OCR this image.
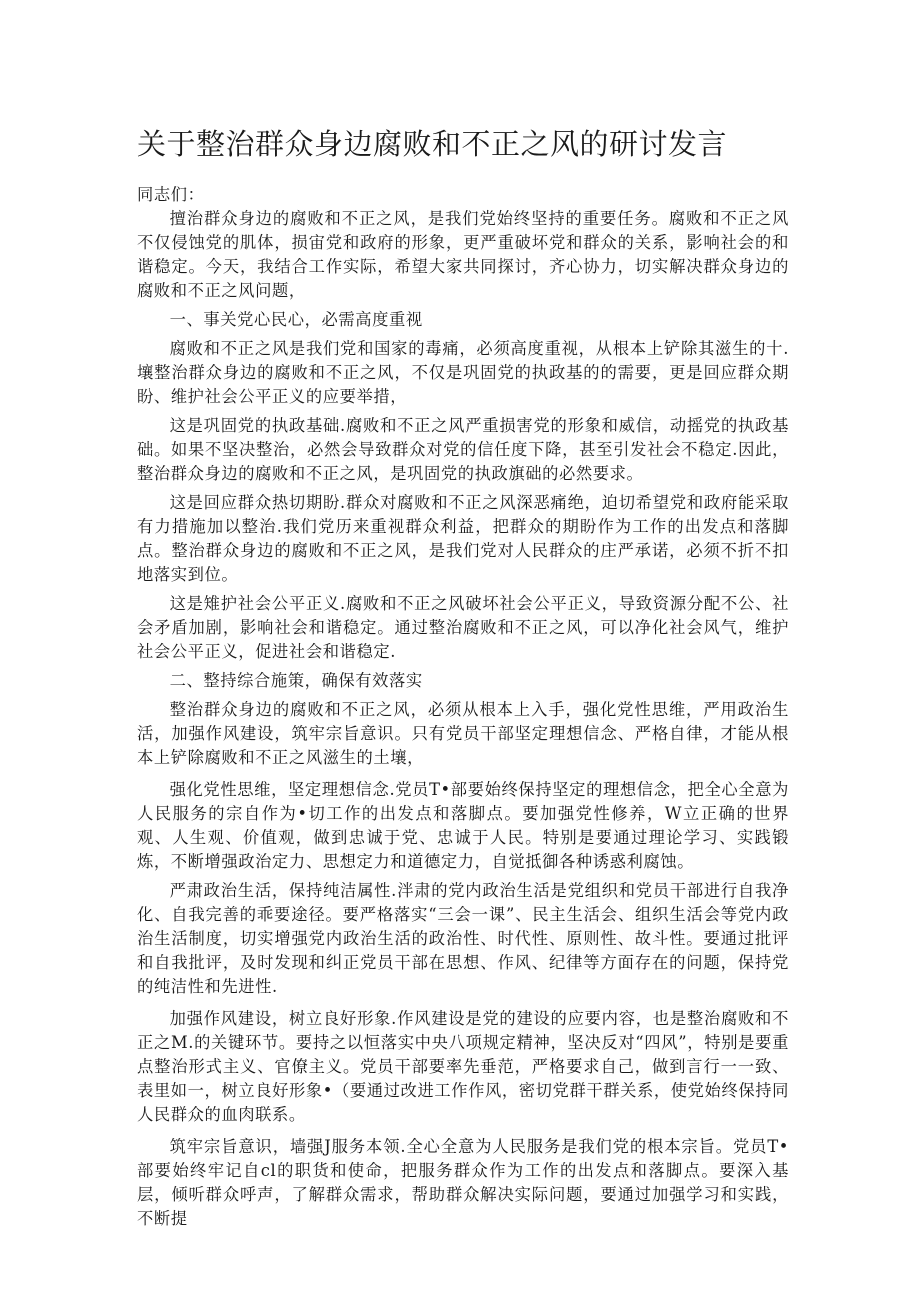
关于整治群众身边腐败和不正之风的研讨发言

同志们：

擅治群众身边的腐败和不正之风，是我们党始终坚持的重要任务。腐败和不正之风不仅侵蚀党的肌体，损宙党和政府的形象，更严重破坏党和群众的关系，影响社会的和谐稳定。今天，我结合工作实际，希望大家共同探讨，齐心协力，切实解决群众身边的腐败和不正之风问题，

一、事关党心民心，必需高度重视

腐败和不正之风是我们党和国家的毒痛，必须高度重视，从根本上铲除其滋生的十.壤整治群众身边的腐败和不正之风，不仅是巩固党的执政基的的需要，更是回应群众期盼、维护社会公平正义的应要举措，

这是巩固党的执政基础.腐败和不正之风严重损害党的形象和威信，动摇党的执政基础。如果不坚决整治，必然会导致群众对党的信任度下降，甚至引发社会不稳定.因此，整治群众身边的腐败和不正之风，是巩固党的执政旗础的必然要求。

这是回应群众热切期盼.群众对腐败和不正之风深恶痛绝，迫切希望党和政府能采取有力措施加以整治.我们党历来重视群众利益，把群众的期盼作为工作的出发点和落脚点。整治群众身边的腐败和不正之风，是我们党对人民群众的庄严承诺，必须不折不扣地落实到位。

这是雉护社会公平正义.腐败和不正之风破坏社会公平正义，导致资源分配不公、社会矛盾加剧，影响社会和谐稳定。通过整治腐败和不正之风，可以净化社会风气，维护社会公平正义，促进社会和谐稳定.

二、整持综合施策，确保有效落实

整治群众身边的腐败和不正之风，必须从根本上入手，强化党性思维，严用政治生活，加强作风建设，筑牢宗旨意识。只有党员干部坚定理想信念、严格自律，才能从根本上铲除腐败和不正之风滋生的土壤，

强化党性思维，坚定理想信念.党员T•部要始终保持坚定的理想信念，把全心全意为人民服务的宗自作为•切工作的出发点和落脚点。要加强党性修养，W立正确的世界观、人生观、价值观，做到忠诚于党、忠诚于人民。特别是要通过理论学习、实践锻炼，不断增强政治定力、思想定力和道德定力，自觉抵御各种诱惑利腐蚀。

严肃政治生活，保持纯洁属性.泮肃的党内政治生活是党组织和党员干部进行自我净化、自我完善的乖要途径。要严格落实“三会一课”、民主生活会、组织生活会等党内政治生活制度，切实增强党内政治生活的政治性、时代性、原则性、故斗性。要通过批评和自我批评，及时发现和纠正党员干部在思想、作风、纪律等方面存在的问题，保持党的纯洁性和先进性.

加强作风建设，树立良好形象.作风建设是党的建设的应要内容，也是整治腐败和不正之M.的关键环节。要持之以恒落实中央八项规定精神，坚决反对“四风”，特别是要重点整治形式主义、官僚主义。党员干部要率先垂范，严格要求自己，做到言行一一致、表里如一，树立良好形象•（要通过改进工作作风，密切党群干群关系，使党始终保持同人民群众的血肉联系。

筑牢宗旨意识，墙强J服务本领.全心全意为人民服务是我们党的根本宗旨。党员T•部要始终牢记自cl的职货和使命，把服务群众作为工作的出发点和落脚点。要深入基层，倾听群众呼声，了解群众需求，帮助群众解决实际问题，要通过加强学习和实践，不断提
